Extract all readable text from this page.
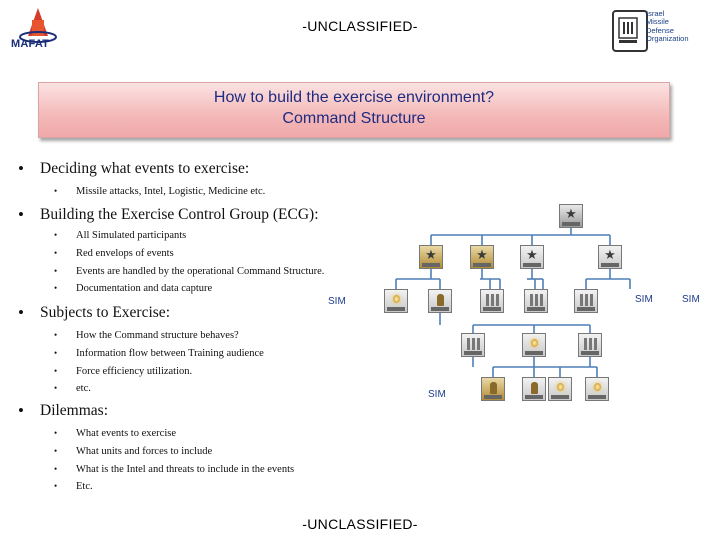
-UNCLASSIFIED-
-UNCLASSIFIED-
MAFAT
Israel
Missile
Defense
Organization
How to build the exercise environment?
Command Structure
• Deciding what events to exercise:
• Missile attacks, Intel, Logistic, Medicine etc.
• Building the Exercise Control Group (ECG):
• All Simulated participants
• Red envelops of events
• Events are handled by the operational Command Structure.
• Documentation and data capture
• Subjects to Exercise:
• How the Command structure behaves?
• Information flow between Training audience
• Force efficiency utilization.
• etc.
• Dilemmas:
• What events to exercise
• What units and forces to include
• What is the Intel and threats to include in the events
• Etc.
★
★
★
★
★
SIM	SIM	SIM
SIM
